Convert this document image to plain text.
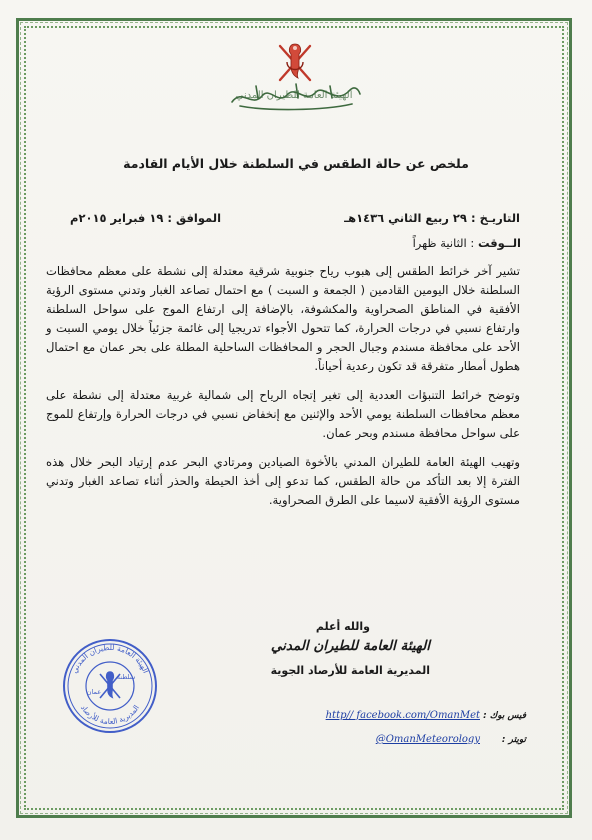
الهيئة العامة للطيران المدني
ملخص عن حالة الطقس في السلطنة خلال الأيام القادمة
التاريـخ : ٢٩ ربيع الثاني ١٤٣٦هـ
الموافق : ١٩ فبراير ٢٠١٥م
الــوقت : الثانية ظهراً

تشير آخر خرائط الطقس إلى هبوب رياح جنوبية شرقية معتدلة إلى نشطة على معظم محافظات السلطنة خلال اليومين القادمين ( الجمعة و السبت ) مع احتمال تصاعد الغبار وتدني مستوى الرؤية الأفقية في المناطق الصحراوية والمكشوفة، بالإضافة إلى ارتفاع الموج على سواحل السلطنة وارتفاع نسبي في درجات الحرارة، كما تتحول الأجواء تدريجيا إلى غائمة جزئياً خلال يومي السبت و الأحد على محافظة مسندم وجبال الحجر و المحافظات الساحلية المطلة على بحر عمان مع احتمال هطول أمطار متفرقة قد تكون رعدية أحياناً.

وتوضح خرائط التنبؤات العددية إلى تغير إتجاه الرياح إلى شمالية غربية معتدلة إلى نشطة على معظم محافظات السلطنة يومي الأحد والإثنين مع إنخفاض نسبي في درجات الحرارة وإرتفاع للموج على سواحل محافظة مسندم وبحر عمان.

وتهيب الهيئة العامة للطيران المدني بالأخوة الصيادين ومرتادي البحر عدم إرتياد البحر خلال هذه الفترة إلا بعد التأكد من حالة الطقس، كما تدعو إلى أخذ الحيطة والحذر أثناء تصاعد الغبار وتدني مستوى الرؤية الأفقية لاسيما على الطرق الصحراوية.

والله أعلم
الهيئة العامة للطيران المدني
المديرية العامة للأرصاد الجوية
الهيئة العامة للطيران المدني
المديرية العامة للأرصاد
سلطنة
عمان
فيس بوك :
http// facebook.com/OmanMet
تويتر :
@OmanMeteorology
